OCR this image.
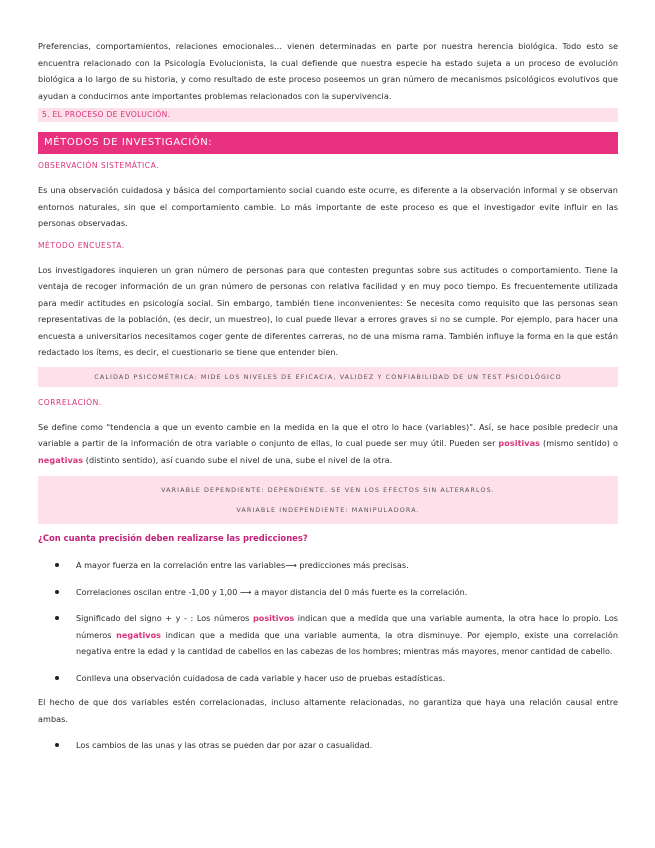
Preferencias, comportamientos, relaciones emocionales… vienen determinadas en parte por nuestra herencia biológica. Todo esto se encuentra relacionado con la Psicología Evolucionista, la cual defiende que nuestra especie ha estado sujeta a un proceso de evolución biológica a lo largo de su historia, y como resultado de este proceso poseemos un gran número de mecanismos psicológicos evolutivos que ayudan a conducirnos ante importantes problemas relacionados con la supervivencia.

5. EL PROCESO DE EVOLUCIÓN.
MÉTODOS DE INVESTIGACIÓN:

OBSERVACIÓN SISTEMÁTICA.

Es una observación cuidadosa y básica del comportamiento social cuando este ocurre, es diferente a la observación informal y se observan entornos naturales, sin que el comportamiento cambie. Lo más importante de este proceso es que el investigador evite influir en las personas observadas.

MÉTODO ENCUESTA.

Los investigadores inquieren un gran número de personas para que contesten preguntas sobre sus actitudes o comportamiento. Tiene la ventaja de recoger información de un gran número de personas con relativa facilidad y en muy poco tiempo. Es frecuentemente utilizada para medir actitudes en psicología social. Sin embargo, también tiene inconvenientes: Se necesita como requisito que las personas sean representativas de la población, (es decir, un muestreo), lo cual puede llevar a errores graves si no se cumple. Por ejemplo, para hacer una encuesta a universitarios necesitamos coger gente de diferentes carreras, no de una misma rama. También influye la forma en la que están redactado los ítems, es decir, el cuestionario se tiene que entender bien.

CALIDAD PSICOMÉTRICA: MIDE LOS NIVELES DE EFICACIA, VALIDEZ Y CONFIABILIDAD DE UN TEST PSICOLÓGICO

CORRELACIÓN.

Se define como "tendencia a que un evento cambie en la medida en la que el otro lo hace (variables)". Así, se hace posible predecir una variable a partir de la información de otra variable o conjunto de ellas, lo cual puede ser muy útil. Pueden ser positivas (mismo sentido) o negativas (distinto sentido), así cuando sube el nivel de una, sube el nivel de la otra.

VARIABLE DEPENDIENTE: DEPENDIENTE. SE VEN LOS EFECTOS SIN ALTERARLOS.
VARIABLE INDEPENDIENTE: MANIPULADORA.

¿Con cuanta precisión deben realizarse las predicciones?

A mayor fuerza en la correlación entre las variables⟶ predicciones más precisas.
Correlaciones oscilan entre -1,00 y 1,00 ⟶ a mayor distancia del 0 más fuerte es la correlación.
Significado del signo + y - : Los números positivos indican que a medida que una variable aumenta, la otra hace lo propio. Los números negativos indican que a medida que una variable aumenta, la otra disminuye. Por ejemplo, existe una correlación negativa entre la edad y la cantidad de cabellos en las cabezas de los hombres; mientras más mayores, menor cantidad de cabello.
Conlleva una observación cuidadosa de cada variable y hacer uso de pruebas estadísticas.

El hecho de que dos variables estén correlacionadas, incluso altamente relacionadas, no garantiza que haya una relación causal entre ambas.

Los cambios de las unas y las otras se pueden dar por azar o casualidad.
